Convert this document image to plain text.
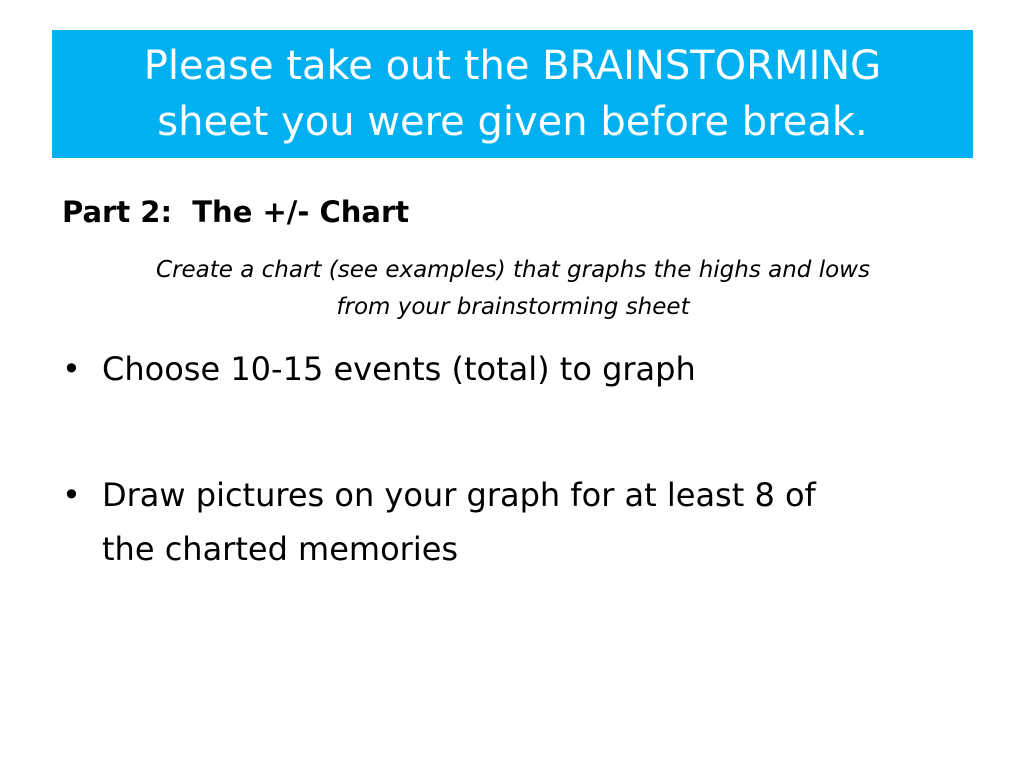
Please take out the BRAINSTORMING
sheet you were given before break.
Part 2:  The +/- Chart
Create a chart (see examples) that graphs the highs and lows
from your brainstorming sheet
• Choose 10-15 events (total) to graph
• Draw pictures on your graph for at least 8 of
the charted memories
